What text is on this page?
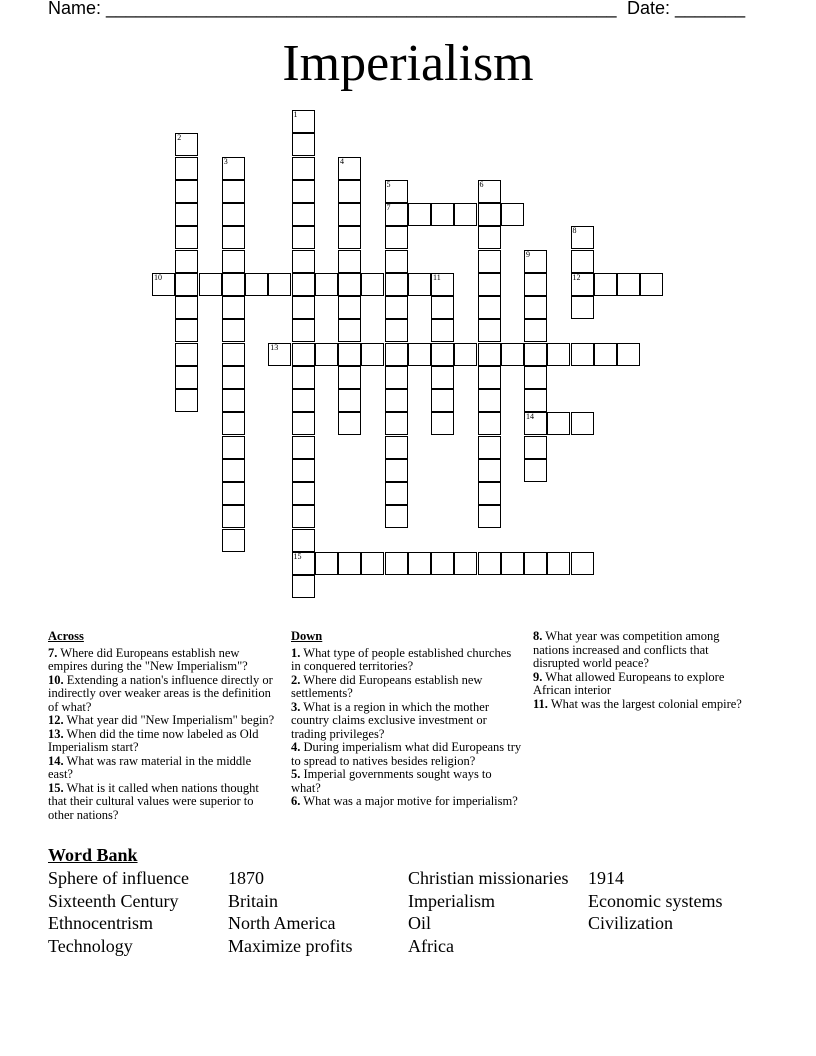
Name: ___________________________________________________ Date: _______
Imperialism
1
15
2
3	4
5
7
6
8
12
9
14
10	11
13
Across
7. Where did Europeans establish new empires during the "New Imperialism"?
10. Extending a nation's influence directly or indirectly over weaker areas is the definition of what?
12. What year did "New Imperialism" begin?
13. When did the time now labeled as Old Imperialism start?
14. What was raw material in the middle east?
15. What is it called when nations thought that their cultural values were superior to other nations?
Down
1. What type of people established churches in conquered territories?
2. Where did Europeans establish new settlements?
3. What is a region in which the mother country claims exclusive investment or trading privileges?
4. During imperialism what did Europeans try to spread to natives besides religion?
5. Imperial governments sought ways to what?
6. What was a major motive for imperialism?
8. What year was competition among nations increased and conflicts that disrupted world peace?
9. What allowed Europeans to explore African interior
11. What was the largest colonial empire?
Word Bank
Sphere of influence 1870	Christian missionaries 1914
Sixteenth Century	Britain	Imperialism	Economic systems
Ethnocentrism	North America	Oil	Civilization
Technology	Maximize profits	Africa
